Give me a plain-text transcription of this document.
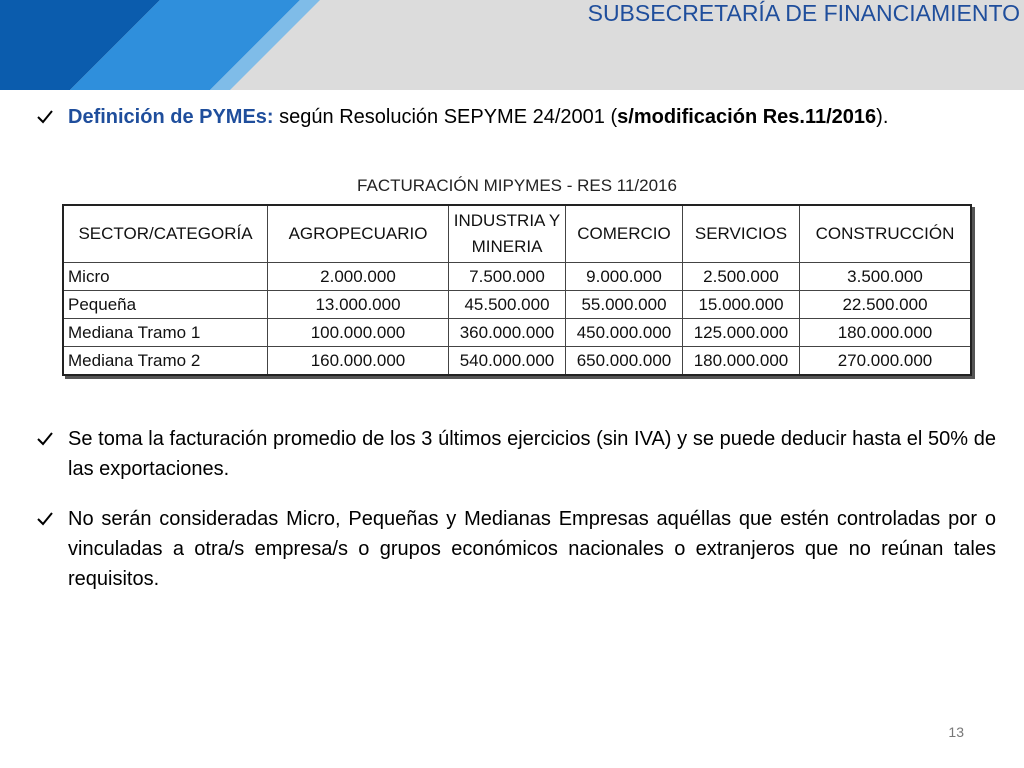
SUBSECRETARÍA DE FINANCIAMIENTO
Definición de PYMEs: según Resolución SEPYME 24/2001 (s/modificación Res.11/2016).
FACTURACIÓN MIPYMES - RES 11/2016
SECTOR/CATEGORÍA	AGROPECUARIO	INDUSTRIA Y MINERIA	COMERCIO	SERVICIOS	CONSTRUCCIÓN
Micro	2.000.000	7.500.000	9.000.000	2.500.000	3.500.000
Pequeña	13.000.000	45.500.000	55.000.000	15.000.000	22.500.000
Mediana Tramo 1	100.000.000	360.000.000	450.000.000	125.000.000	180.000.000
Mediana Tramo 2	160.000.000	540.000.000	650.000.000	180.000.000	270.000.000
Se toma la facturación promedio de los 3 últimos ejercicios (sin IVA) y se puede deducir hasta el 50% de las exportaciones.
No serán consideradas Micro, Pequeñas y Medianas Empresas aquéllas que estén controladas por o vinculadas a otra/s empresa/s o grupos económicos nacionales o extranjeros que no reúnan tales requisitos.
13
